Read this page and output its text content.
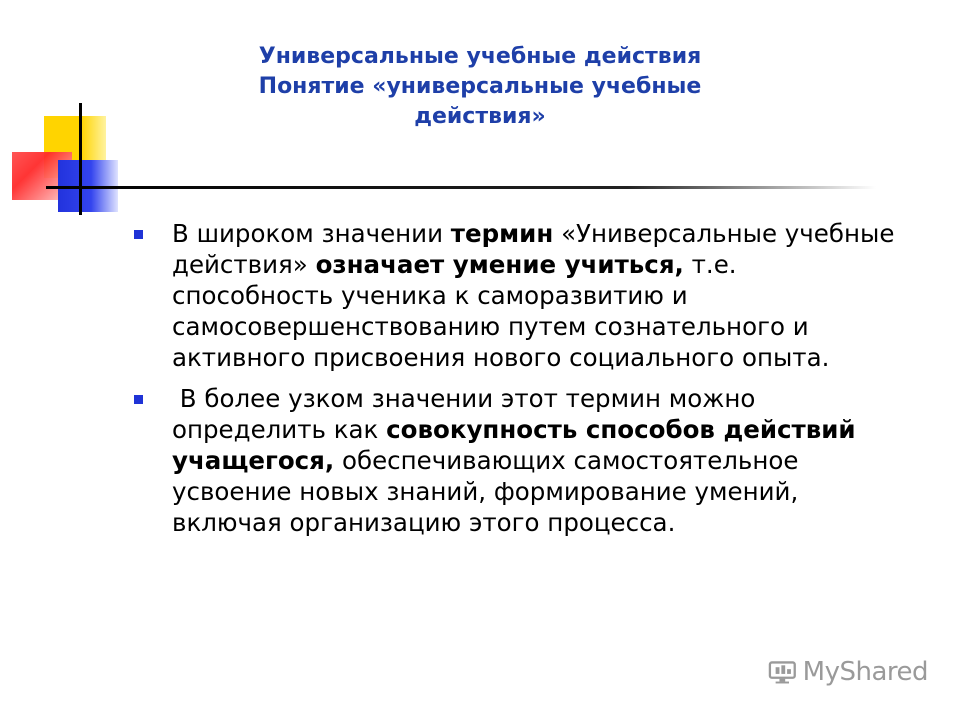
Универсальные учебные действия
Понятие «универсальные учебные
действия»
В широком значении термин «Универсальные учебные действия» означает умение учиться, т.е. способность ученика к саморазвитию и самосовершенствованию путем сознательного и активного присвоения нового социального опыта.
В более узком значении этот термин можно определить как совокупность способов действий учащегося, обеспечивающих самостоятельное усвоение новых знаний, формирование умений, включая организацию этого процесса.
MyShared
